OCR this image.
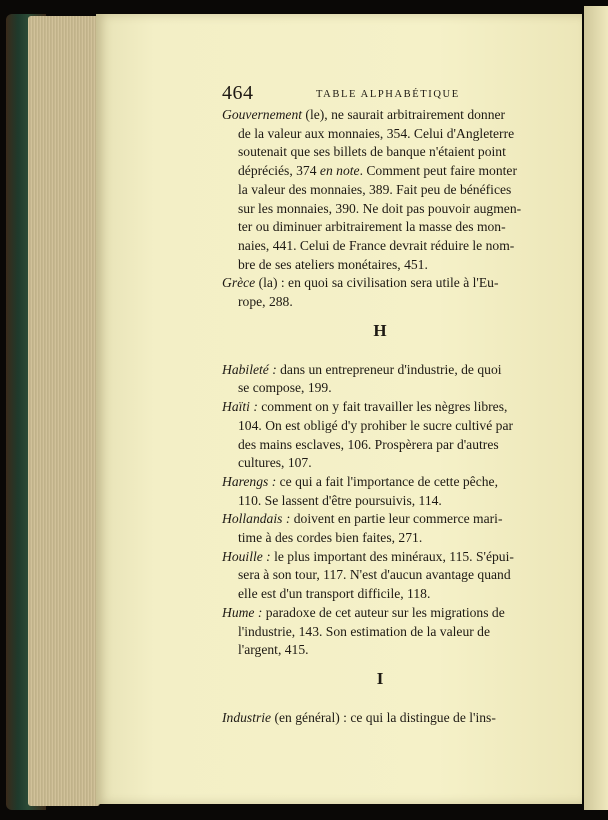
464	TABLE ALPHABÉTIQUE
Gouvernement (le), ne saurait arbitrairement donner
de la valeur aux monnaies, 354. Celui d'Angleterre
soutenait que ses billets de banque n'étaient point
dépréciés, 374 en note. Comment peut faire monter
la valeur des monnaies, 389. Fait peu de bénéfices
sur les monnaies, 390. Ne doit pas pouvoir augmen-
ter ou diminuer arbitrairement la masse des mon-
naies, 441. Celui de France devrait réduire le nom-
bre de ses ateliers monétaires, 451.
Grèce (la) : en quoi sa civilisation sera utile à l'Eu-
rope, 288.
H
Habileté : dans un entrepreneur d'industrie, de quoi
se compose, 199.
Haïti : comment on y fait travailler les nègres libres,
104. On est obligé d'y prohiber le sucre cultivé par
des mains esclaves, 106. Prospèrera par d'autres
cultures, 107.
Harengs : ce qui a fait l'importance de cette pêche,
110. Se lassent d'être poursuivis, 114.
Hollandais : doivent en partie leur commerce mari-
time à des cordes bien faites, 271.
Houille : le plus important des minéraux, 115. S'épui-
sera à son tour, 117. N'est d'aucun avantage quand
elle est d'un transport difficile, 118.
Hume : paradoxe de cet auteur sur les migrations de
l'industrie, 143. Son estimation de la valeur de
l'argent, 415.
I
Industrie (en général) : ce qui la distingue de l'ins-
